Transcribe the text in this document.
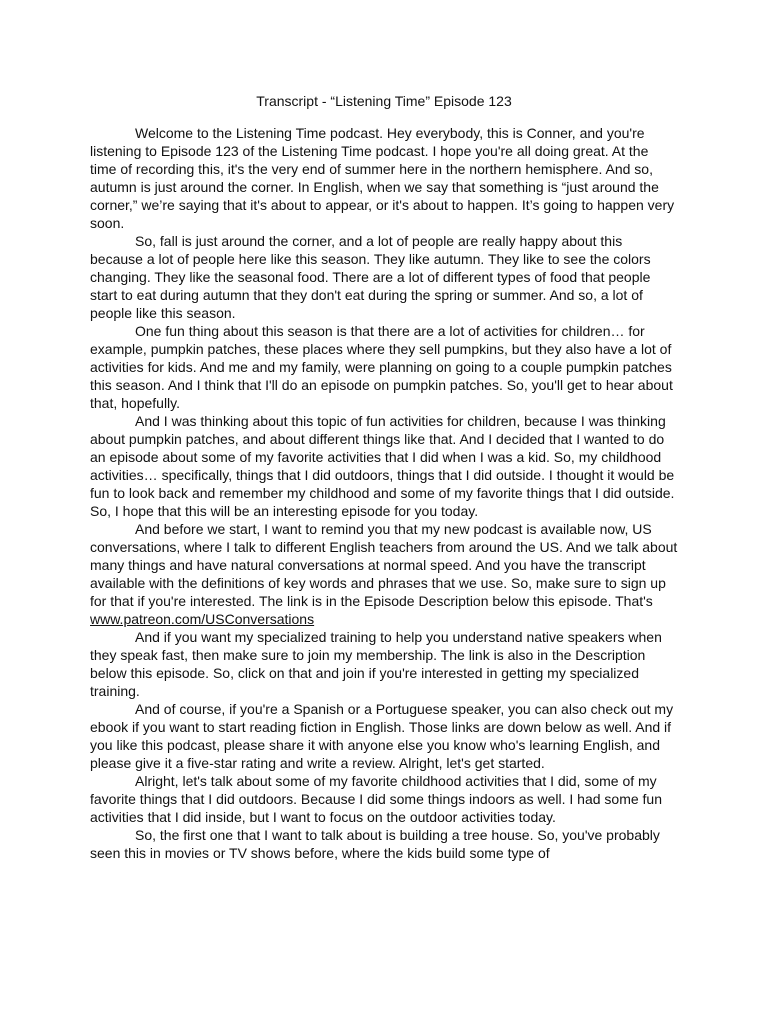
Transcript - “Listening Time” Episode 123

Welcome to the Listening Time podcast. Hey everybody, this is Conner, and you're listening to Episode 123 of the Listening Time podcast. I hope you're all doing great. At the time of recording this, it's the very end of summer here in the northern hemisphere. And so, autumn is just around the corner. In English, when we say that something is “just around the corner,” we’re saying that it's about to appear, or it's about to happen. It’s going to happen very soon.

So, fall is just around the corner, and a lot of people are really happy about this because a lot of people here like this season. They like autumn. They like to see the colors changing. They like the seasonal food. There are a lot of different types of food that people start to eat during autumn that they don't eat during the spring or summer. And so, a lot of people like this season.

One fun thing about this season is that there are a lot of activities for children… for example, pumpkin patches, these places where they sell pumpkins, but they also have a lot of activities for kids. And me and my family, were planning on going to a couple pumpkin patches this season. And I think that I'll do an episode on pumpkin patches. So, you'll get to hear about that, hopefully.

And I was thinking about this topic of fun activities for children, because I was thinking about pumpkin patches, and about different things like that. And I decided that I wanted to do an episode about some of my favorite activities that I did when I was a kid. So, my childhood activities… specifically, things that I did outdoors, things that I did outside. I thought it would be fun to look back and remember my childhood and some of my favorite things that I did outside. So, I hope that this will be an interesting episode for you today.

And before we start, I want to remind you that my new podcast is available now, US conversations, where I talk to different English teachers from around the US. And we talk about many things and have natural conversations at normal speed. And you have the transcript available with the definitions of key words and phrases that we use. So, make sure to sign up for that if you're interested. The link is in the Episode Description below this episode. That's www.patreon.com/USConversations

And if you want my specialized training to help you understand native speakers when they speak fast, then make sure to join my membership. The link is also in the Description below this episode. So, click on that and join if you're interested in getting my specialized training.

And of course, if you're a Spanish or a Portuguese speaker, you can also check out my ebook if you want to start reading fiction in English. Those links are down below as well. And if you like this podcast, please share it with anyone else you know who's learning English, and please give it a five-star rating and write a review. Alright, let's get started.

Alright, let's talk about some of my favorite childhood activities that I did, some of my favorite things that I did outdoors. Because I did some things indoors as well. I had some fun activities that I did inside, but I want to focus on the outdoor activities today.

So, the first one that I want to talk about is building a tree house. So, you've probably seen this in movies or TV shows before, where the kids build some type of
